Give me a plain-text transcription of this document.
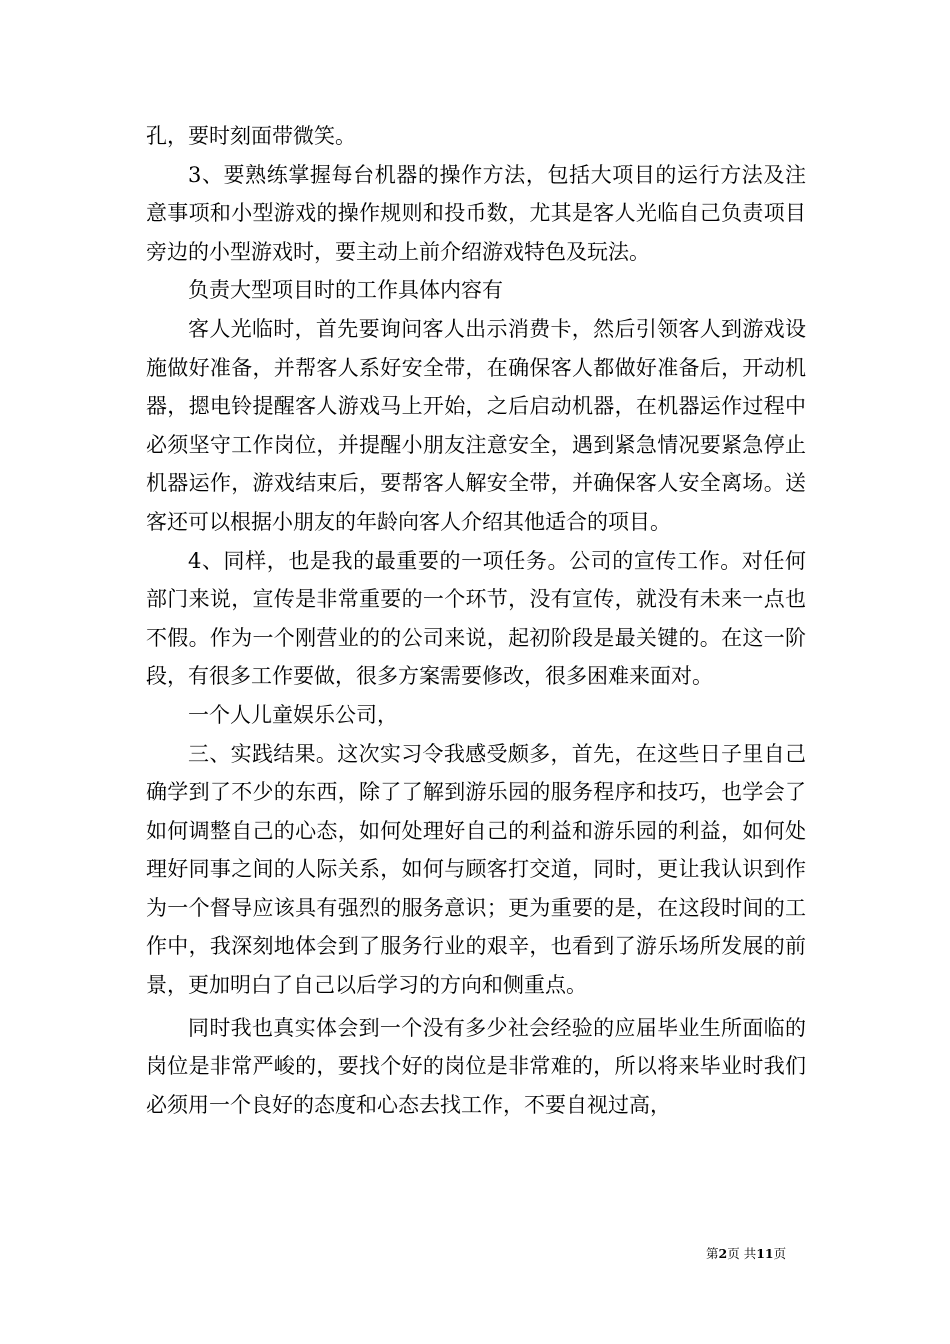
孔，要时刻面带微笑。

3、要熟练掌握每台机器的操作方法，包括大项目的运行方法及注意事项和小型游戏的操作规则和投币数，尤其是客人光临自己负责项目旁边的小型游戏时，要主动上前介绍游戏特色及玩法。

负责大型项目时的工作具体内容有

客人光临时，首先要询问客人出示消费卡，然后引领客人到游戏设施做好准备，并帮客人系好安全带，在确保客人都做好准备后，开动机器，摁电铃提醒客人游戏马上开始，之后启动机器，在机器运作过程中必须坚守工作岗位，并提醒小朋友注意安全，遇到紧急情况要紧急停止机器运作，游戏结束后，要帮客人解安全带，并确保客人安全离场。送客还可以根据小朋友的年龄向客人介绍其他适合的项目。

4、同样，也是我的最重要的一项任务。公司的宣传工作。对任何部门来说，宣传是非常重要的一个环节，没有宣传，就没有未来一点也不假。作为一个刚营业的的公司来说，起初阶段是最关键的。在这一阶段，有很多工作要做，很多方案需要修改，很多困难来面对。

一个人儿童娱乐公司，

三、实践结果。这次实习令我感受颇多，首先，在这些日子里自己确学到了不少的东西，除了了解到游乐园的服务程序和技巧，也学会了如何调整自己的心态，如何处理好自己的利益和游乐园的利益，如何处理好同事之间的人际关系，如何与顾客打交道，同时，更让我认识到作为一个督导应该具有强烈的服务意识；更为重要的是，在这段时间的工作中，我深刻地体会到了服务行业的艰辛，也看到了游乐场所发展的前景，更加明白了自己以后学习的方向和侧重点。

同时我也真实体会到一个没有多少社会经验的应届毕业生所面临的岗位是非常严峻的，要找个好的岗位是非常难的，所以将来毕业时我们必须用一个良好的态度和心态去找工作，不要自视过高，

第2页 共11页
